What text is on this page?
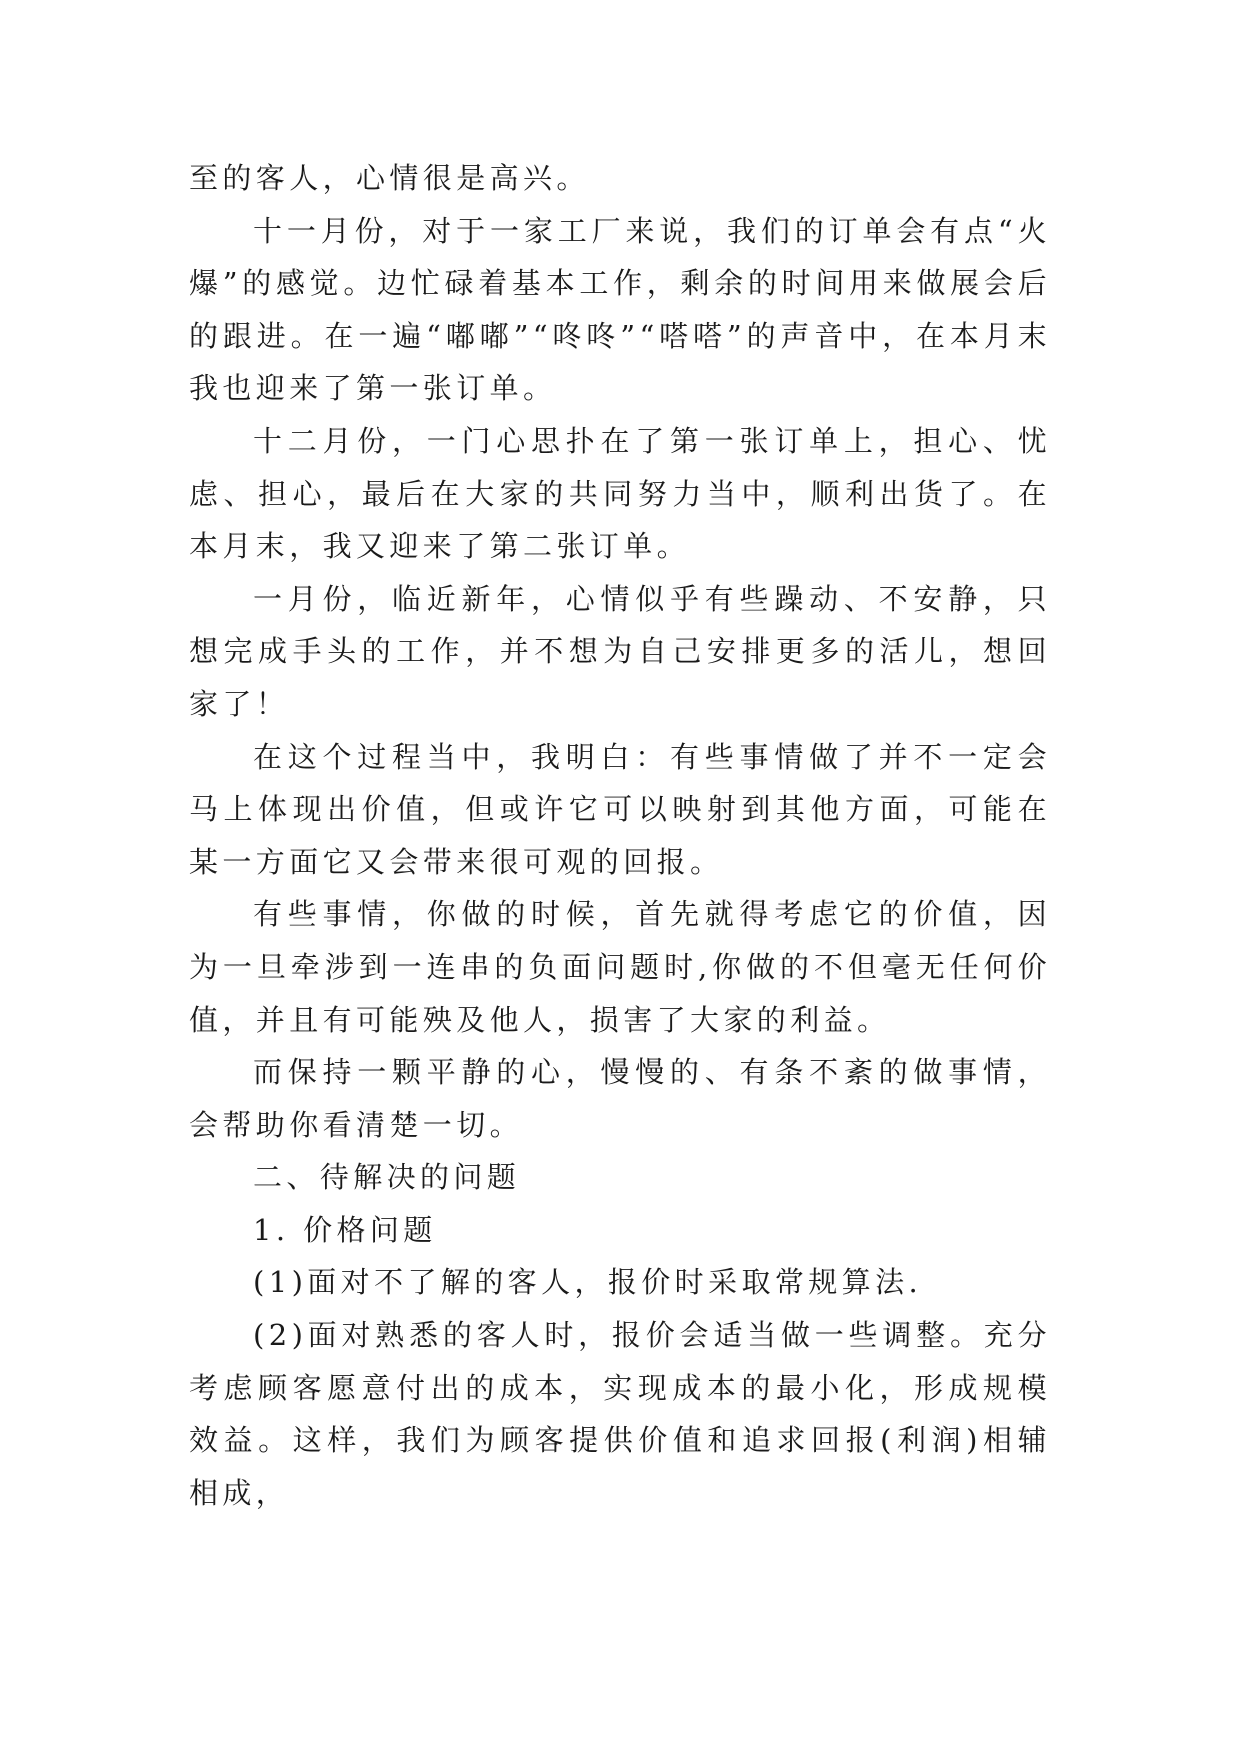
至的客人，心情很是高兴。

十一月份，对于一家工厂来说，我们的订单会有点“火爆”的感觉。边忙碌着基本工作，剩余的时间用来做展会后的跟进。在一遍“嘟嘟”“咚咚”“嗒嗒”的声音中，在本月末我也迎来了第一张订单。

十二月份，一门心思扑在了第一张订单上，担心、忧虑、担心，最后在大家的共同努力当中，顺利出货了。在本月末，我又迎来了第二张订单。

一月份，临近新年，心情似乎有些躁动、不安静，只想完成手头的工作，并不想为自己安排更多的活儿，想回家了！

在这个过程当中，我明白：有些事情做了并不一定会马上体现出价值，但或许它可以映射到其他方面，可能在某一方面它又会带来很可观的回报。

有些事情，你做的时候，首先就得考虑它的价值，因为一旦牵涉到一连串的负面问题时,你做的不但毫无任何价值，并且有可能殃及他人，损害了大家的利益。

而保持一颗平静的心，慢慢的、有条不紊的做事情，会帮助你看清楚一切。

二、待解决的问题

1. 价格问题

(1)面对不了解的客人，报价时采取常规算法.

(2)面对熟悉的客人时，报价会适当做一些调整。充分考虑顾客愿意付出的成本，实现成本的最小化，形成规模效益。这样，我们为顾客提供价值和追求回报(利润)相辅相成，
